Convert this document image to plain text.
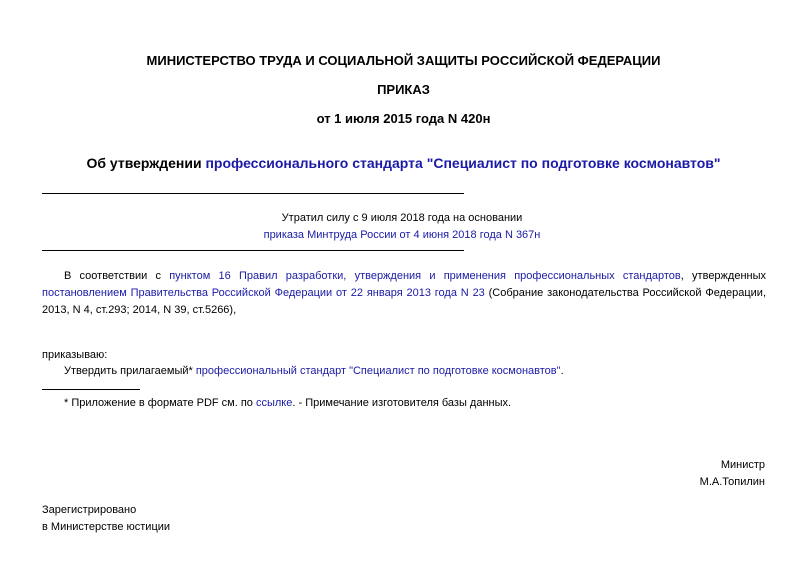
МИНИСТЕРСТВО ТРУДА И СОЦИАЛЬНОЙ ЗАЩИТЫ РОССИЙСКОЙ ФЕДЕРАЦИИ
ПРИКАЗ
от 1 июля 2015 года N 420н
Об утверждении профессионального стандарта "Специалист по подготовке космонавтов"
Утратил силу с 9 июля 2018 года на основании
приказа Минтруда России от 4 июня 2018 года N 367н
В соответствии с пунктом 16 Правил разработки, утверждения и применения профессиональных стандартов, утвержденных постановлением Правительства Российской Федерации от 22 января 2013 года N 23 (Собрание законодательства Российской Федерации, 2013, N 4, ст.293; 2014, N 39, ст.5266),
приказываю:
Утвердить прилагаемый* профессиональный стандарт "Специалист по подготовке космонавтов".
* Приложение в формате PDF см. по ссылке. - Примечание изготовителя базы данных.
Министр
М.А.Топилин
Зарегистрировано
в Министерстве юстиции
